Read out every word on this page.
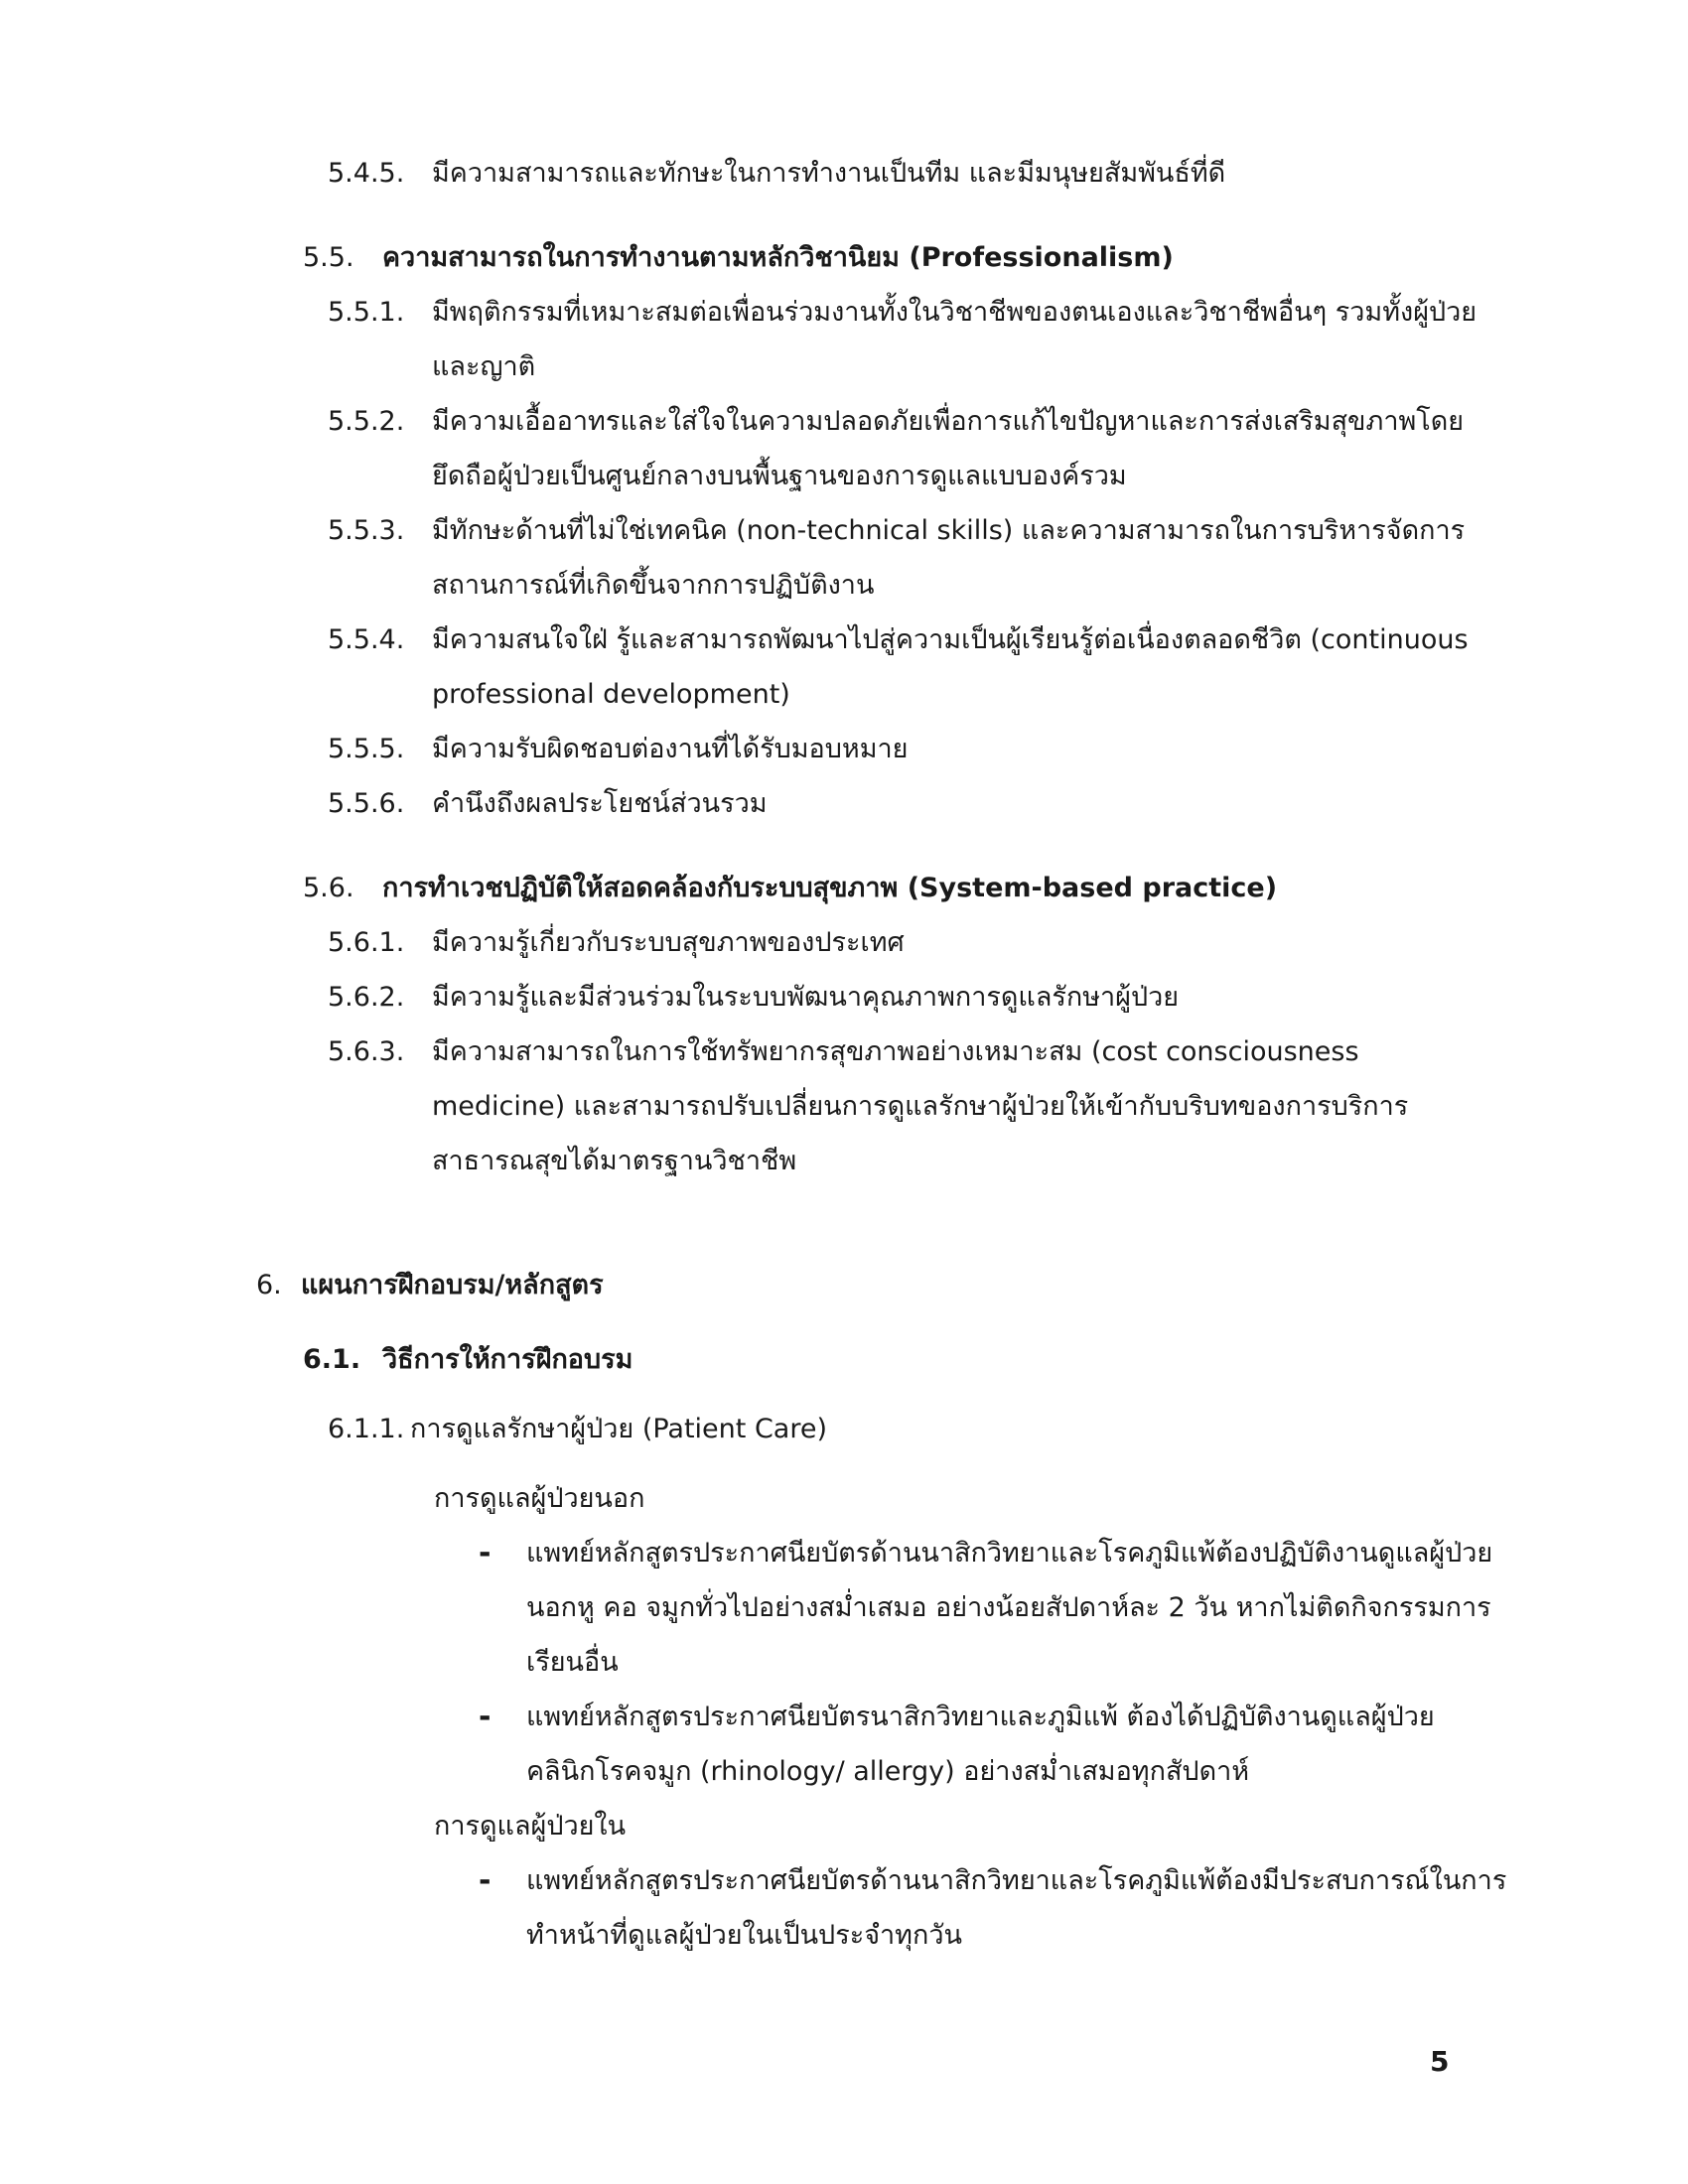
5.4.5. มีความสามารถและทักษะในการทำงานเป็นทีม และมีมนุษยสัมพันธ์ที่ดี
5.5. ความสามารถในการทำงานตามหลักวิชานิยม (Professionalism)
5.5.1. มีพฤติกรรมที่เหมาะสมต่อเพื่อนร่วมงานทั้งในวิชาชีพของตนเองและวิชาชีพอื่นๆ รวมทั้งผู้ป่วย
และญาติ
5.5.2. มีความเอื้ออาทรและใส่ใจในความปลอดภัยเพื่อการแก้ไขปัญหาและการส่งเสริมสุขภาพโดย
ยึดถือผู้ป่วยเป็นศูนย์กลางบนพื้นฐานของการดูแลแบบองค์รวม
5.5.3. มีทักษะด้านที่ไม่ใช่เทคนิค (non-technical skills) และความสามารถในการบริหารจัดการ
สถานการณ์ที่เกิดขึ้นจากการปฏิบัติงาน
5.5.4. มีความสนใจใฝ่ รู้และสามารถพัฒนาไปสู่ความเป็นผู้เรียนรู้ต่อเนื่องตลอดชีวิต (continuous
professional development)
5.5.5. มีความรับผิดชอบต่องานที่ได้รับมอบหมาย
5.5.6. คำนึงถึงผลประโยชน์ส่วนรวม
5.6. การทำเวชปฏิบัติให้สอดคล้องกับระบบสุขภาพ (System-based practice)
5.6.1. มีความรู้เกี่ยวกับระบบสุขภาพของประเทศ
5.6.2. มีความรู้และมีส่วนร่วมในระบบพัฒนาคุณภาพการดูแลรักษาผู้ป่วย
5.6.3. มีความสามารถในการใช้ทรัพยากรสุขภาพอย่างเหมาะสม (cost consciousness
medicine) และสามารถปรับเปลี่ยนการดูแลรักษาผู้ป่วยให้เข้ากับบริบทของการบริการ
สาธารณสุขได้มาตรฐานวิชาชีพ
6. แผนการฝึกอบรม/หลักสูตร
6.1. วิธีการให้การฝึกอบรม
6.1.1. การดูแลรักษาผู้ป่วย (Patient Care)
การดูแลผู้ป่วยนอก
- แพทย์หลักสูตรประกาศนียบัตรด้านนาสิกวิทยาและโรคภูมิแพ้ต้องปฏิบัติงานดูแลผู้ป่วย
นอกหู คอ จมูกทั่วไปอย่างสม่ำเสมอ อย่างน้อยสัปดาห์ละ 2 วัน หากไม่ติดกิจกรรมการ
เรียนอื่น
- แพทย์หลักสูตรประกาศนียบัตรนาสิกวิทยาและภูมิแพ้ ต้องได้ปฏิบัติงานดูแลผู้ป่วย
คลินิกโรคจมูก (rhinology/ allergy) อย่างสม่ำเสมอทุกสัปดาห์
การดูแลผู้ป่วยใน
- แพทย์หลักสูตรประกาศนียบัตรด้านนาสิกวิทยาและโรคภูมิแพ้ต้องมีประสบการณ์ในการ
ทำหน้าที่ดูแลผู้ป่วยในเป็นประจำทุกวัน
5
